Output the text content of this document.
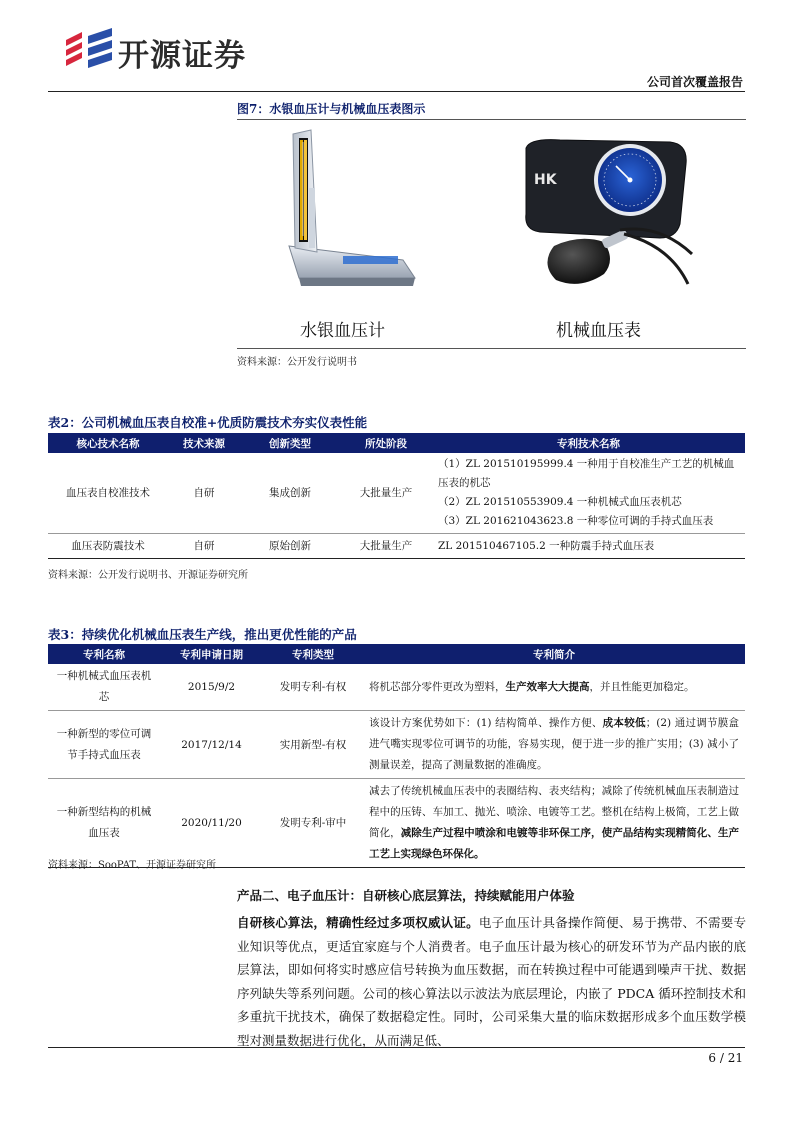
开源证券
公司首次覆盖报告
图7：水银血压计与机械血压表图示
HK
水银血压计	机械血压表
资料来源：公开发行说明书
表2：公司机械血压表自校准+优质防震技术夯实仪表性能
核心技术名称	技术来源	创新类型	所处阶段	专利技术名称
血压表自校准技术	自研	集成创新	大批量生产	（1）ZL 201510195999.4 一种用于自校准生产工艺的机械血压表的机芯
（2）ZL 201510553909.4 一种机械式血压表机芯
（3）ZL 201621043623.8 一种零位可调的手持式血压表

血压表防震技术	自研	原始创新	大批量生产	ZL 201510467105.2 一种防震手持式血压表
资料来源：公开发行说明书、开源证券研究所
表3：持续优化机械血压表生产线，推出更优性能的产品
专利名称	专利申请日期	专利类型	专利简介
一种机械式血压表机芯	2015/9/2	发明专利-有权	将机芯部分零件更改为塑料，生产效率大大提高，并且性能更加稳定。
一种新型的零位可调节手持式血压表	2017/12/14	实用新型-有权	该设计方案优势如下：(1) 结构简单、操作方便、成本较低；(2) 通过调节膜盒进气嘴实现零位可调节的功能，容易实现，便于进一步的推广实用；(3) 减小了测量误差，提高了测量数据的准确度。
一种新型结构的机械血压表	2020/11/20	发明专利-审中	减去了传统机械血压表中的表圈结构、表夹结构；减除了传统机械血压表制造过程中的压铸、车加工、抛光、喷涂、电镀等工艺。整机在结构上极简，工艺上做简化，减除生产过程中喷涂和电镀等非环保工序，使产品结构实现精简化、生产工艺上实现绿色环保化。
资料来源：SooPAT、开源证券研究所
产品二、电子血压计：自研核心底层算法，持续赋能用户体验
自研核心算法，精确性经过多项权威认证。电子血压计具备操作简便、易于携带、不需要专业知识等优点，更适宜家庭与个人消费者。电子血压计最为核心的研发环节为产品内嵌的底层算法，即如何将实时感应信号转换为血压数据，而在转换过程中可能遇到噪声干扰、数据序列缺失等系列问题。公司的核心算法以示波法为底层理论，内嵌了 PDCA 循环控制技术和多重抗干扰技术，确保了数据稳定性。同时，公司采集大量的临床数据形成多个血压数学模型对测量数据进行优化，从而满足低、
6 / 21
